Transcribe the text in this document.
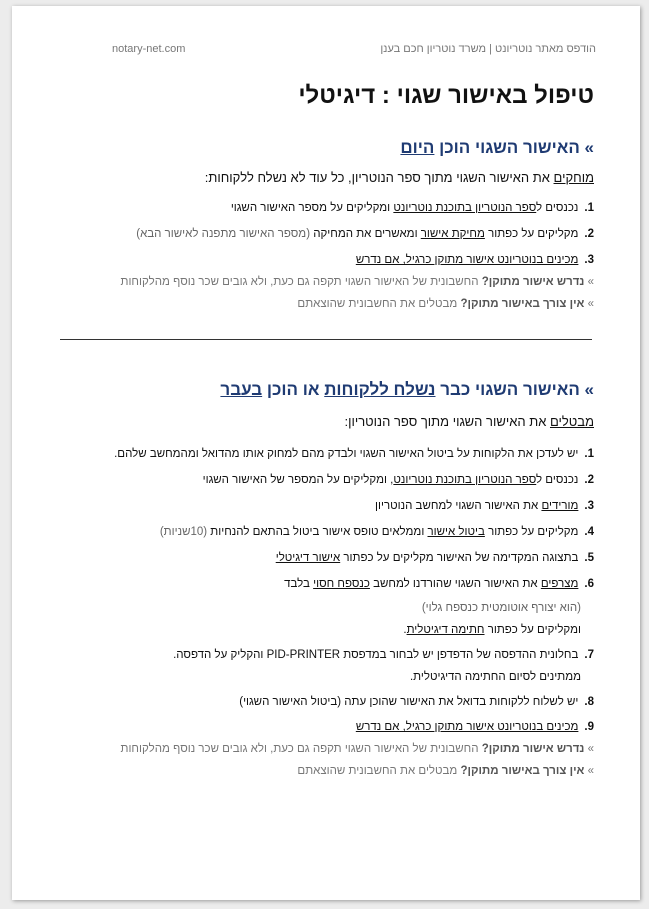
notary-net.com	הודפס מאתר נוטריונט | משרד נוטריון חכם בענן
טיפול באישור שגוי : דיגיטלי
» האישור השגוי הוכן היום
מוחקים את האישור השגוי מתוך ספר הנוטריון, כל עוד לא נשלח ללקוחות:
1.נכנסים לספר הנוטריון בתוכנת נוטריונט ומקליקים על מספר האישור השגוי
2.מקליקים על כפתור מחיקת אישור ומאשרים את המחיקה (מספר האישור מתפנה לאישור הבא)
3.מכינים בנוטריונט אישור מתוקן כרגיל, אם נדרש
» נדרש אישור מתוקן? החשבונית של האישור השגוי תקפה גם כעת, ולא גובים שכר נוסף מהלקוחות
» אין צורך באישור מתוקן? מבטלים את החשבונית שהוצאתם
» האישור השגוי כבר נשלח ללקוחות או הוכן בעבר
מבטלים את האישור השגוי מתוך ספר הנוטריון:
1.יש לעדכן את הלקוחות על ביטול האישור השגוי ולבדק מהם למחוק אותו מהדואל ומהמחשב שלהם.
2.נכנסים לספר הנוטריון בתוכנת נוטריונט, ומקליקים על המספר של האישור השגוי
3.מורידים את האישור השגוי למחשב הנוטריון
4.מקליקים על כפתור ביטול אישור וממלאים טופס אישור ביטול בהתאם להנחיות (10שניות)
5.בתצוגה המקדימה של האישור מקליקים על כפתור אישור דיגיטלי
6.מצרפים את האישור השגוי שהורדנו למחשב כנספח חסוי בלבד
(הוא יצורף אוטומטית כנספח גלוי)
ומקליקים על כפתור חתימה דיגיטלית.
7.בחלונית ההדפסה של הדפדפן יש לבחור במדפסת PID-PRINTER והקליק על הדפסה.
ממתינים לסיום החתימה הדיגיטלית.
8.יש לשלוח ללקוחות בדואל את האישור שהוכן עתה (ביטול האישור השגוי)
9.מכינים בנוטריונט אישור מתוקן כרגיל, אם נדרש
» נדרש אישור מתוקן? החשבונית של האישור השגוי תקפה גם כעת, ולא גובים שכר נוסף מהלקוחות
» אין צורך באישור מתוקן? מבטלים את החשבונית שהוצאתם
